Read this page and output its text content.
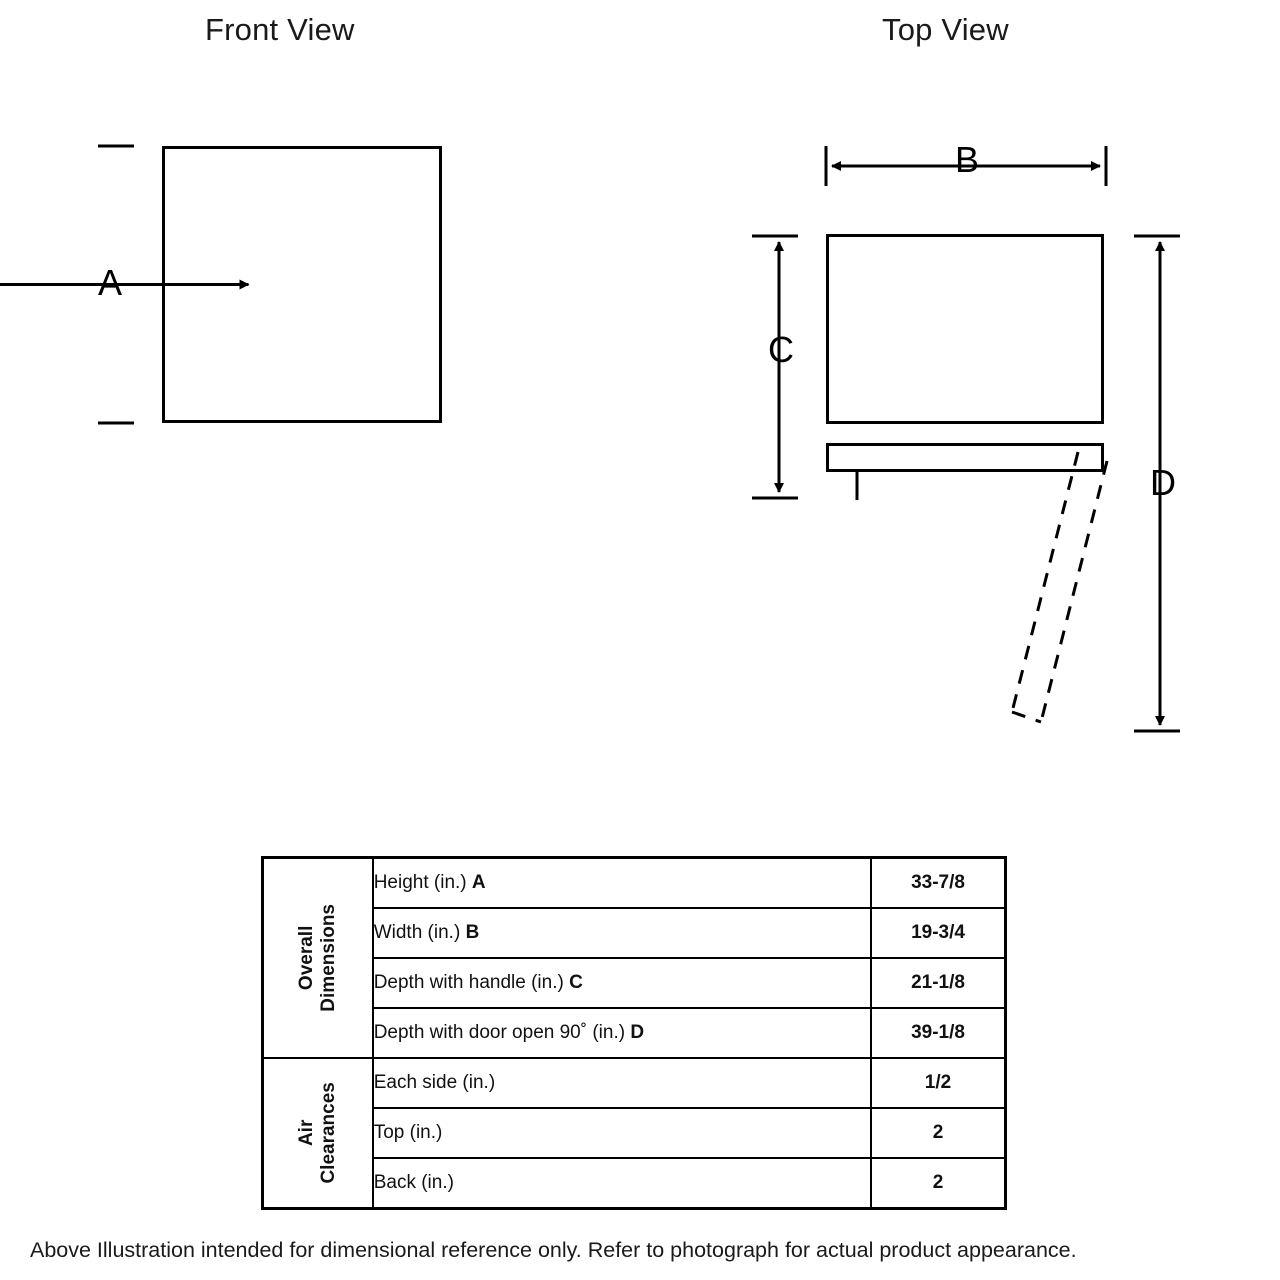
Front View	Top View
A
B
C
D
Overall
Dimensions	Height (in.) A	33-7/8
	Width (in.) B	19-3/4
	Depth with handle (in.) C	21-1/8
	Depth with door open 90˚ (in.) D	39-1/8
Air
Clearances	Each side (in.)	1/2
	Top (in.)	2
	Back (in.)	2
Above Illustration intended for dimensional reference only. Refer to photograph for actual product appearance.
